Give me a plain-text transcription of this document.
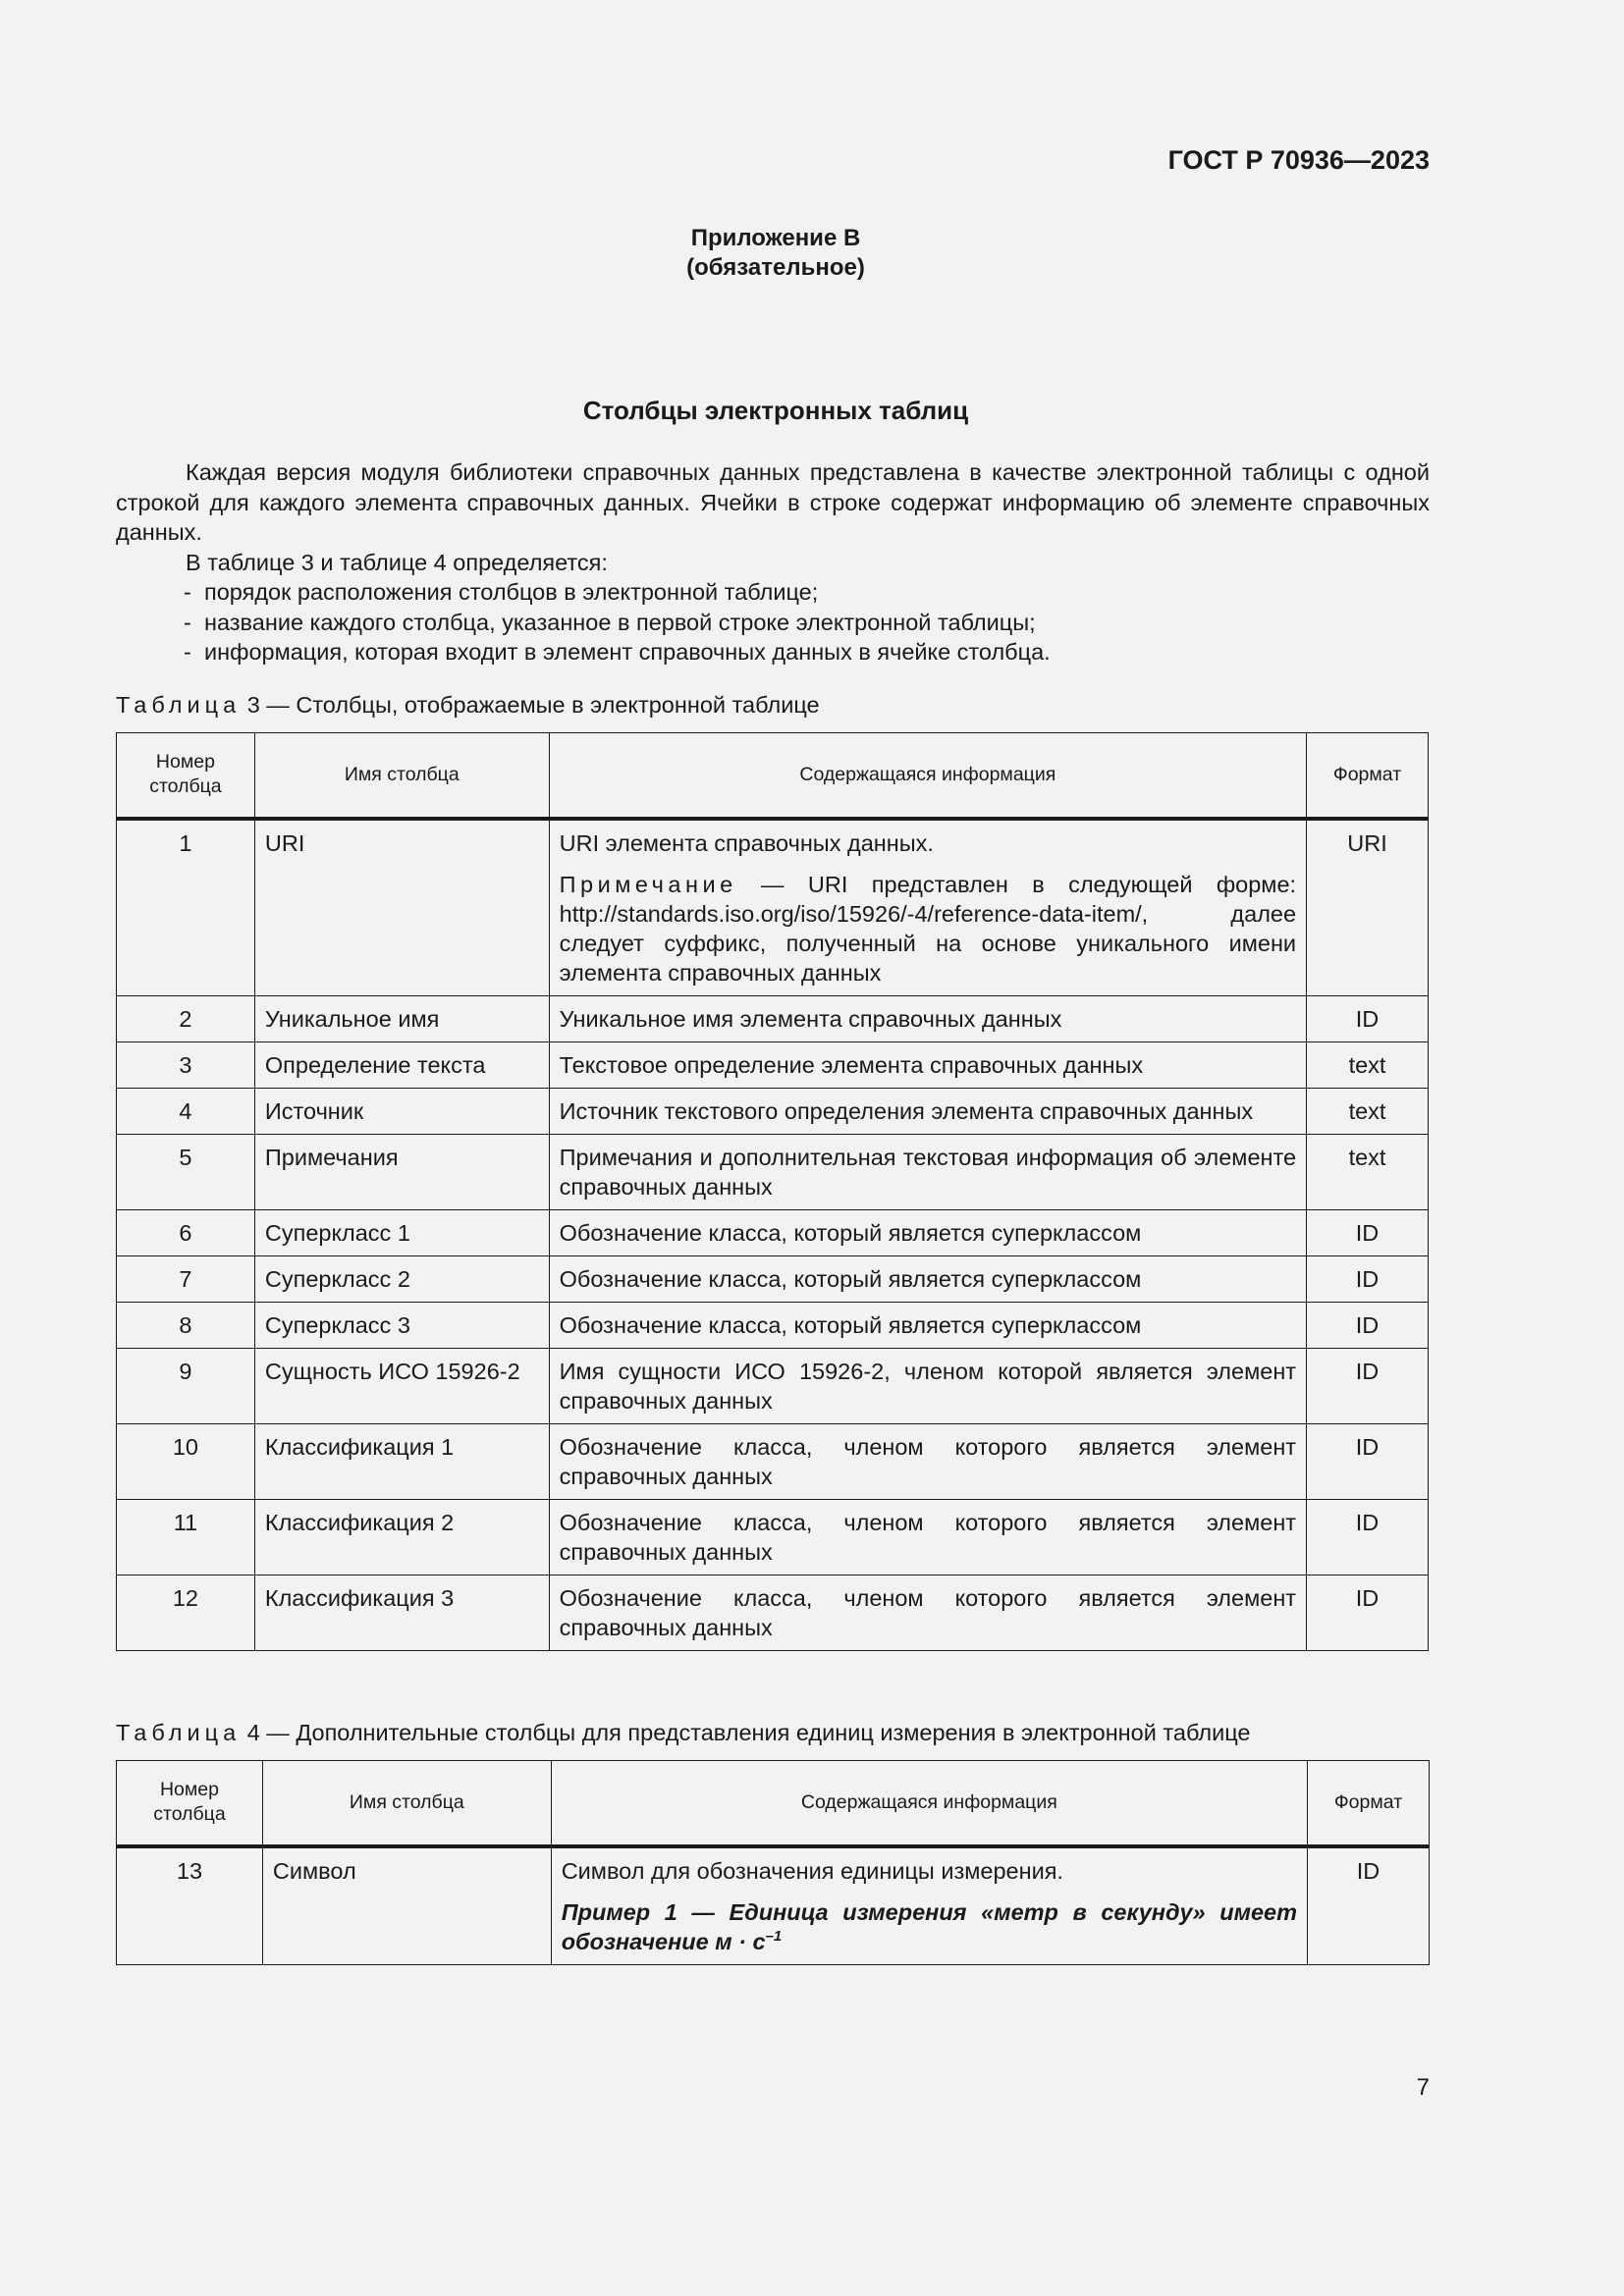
ГОСТ Р 70936—2023
Приложение В
(обязательное)
Столбцы электронных таблиц

Каждая версия модуля библиотеки справочных данных представлена в качестве электронной таблицы с одной строкой для каждого элемента справочных данных. Ячейки в строке содержат информацию об элементе справочных данных.

В таблице 3 и таблице 4 определяется:

- порядок расположения столбцов в электронной таблице;

- название каждого столбца, указанное в первой строке электронной таблицы;

- информация, которая входит в элемент справочных данных в ячейке столбца.

Таблица 3 — Столбцы, отображаемые в электронной таблице
Номер столбца	Имя столбца	Содержащаяся информация	Формат
1	URI	URI элемента справочных данных.
Примечание — URI представлен в следующей форме: http://standards.iso.org/iso/15926/-4/reference-data-item/, далее следует суффикс, полученный на основе уникального имени элемента справочных данных	URI
2	Уникальное имя	Уникальное имя элемента справочных данных	ID
3	Определение текста	Текстовое определение элемента справочных данных	text
4	Источник	Источник текстового определения элемента справочных данных	text
5	Примечания	Примечания и дополнительная текстовая информация об элементе справочных данных	text
6	Суперкласс 1	Обозначение класса, который является суперклассом	ID
7	Суперкласс 2	Обозначение класса, который является суперклассом	ID
8	Суперкласс 3	Обозначение класса, который является суперклассом	ID
9	Сущность ИСО 15926-2	Имя сущности ИСО 15926-2, членом которой является элемент справочных данных	ID
10	Классификация 1	Обозначение класса, членом которого является элемент справочных данных	ID
11	Классификация 2	Обозначение класса, членом которого является элемент справочных данных	ID
12	Классификация 3	Обозначение класса, членом которого является элемент справочных данных	ID
Таблица 4 — Дополнительные столбцы для представления единиц измерения в электронной таблице
Номер столбца	Имя столбца	Содержащаяся информация	Формат
13	Символ	Символ для обозначения единицы измерения.
Пример 1 — Единица измерения «метр в секунду» имеет обозначение $м \cdot с^{-1}$	ID
7
